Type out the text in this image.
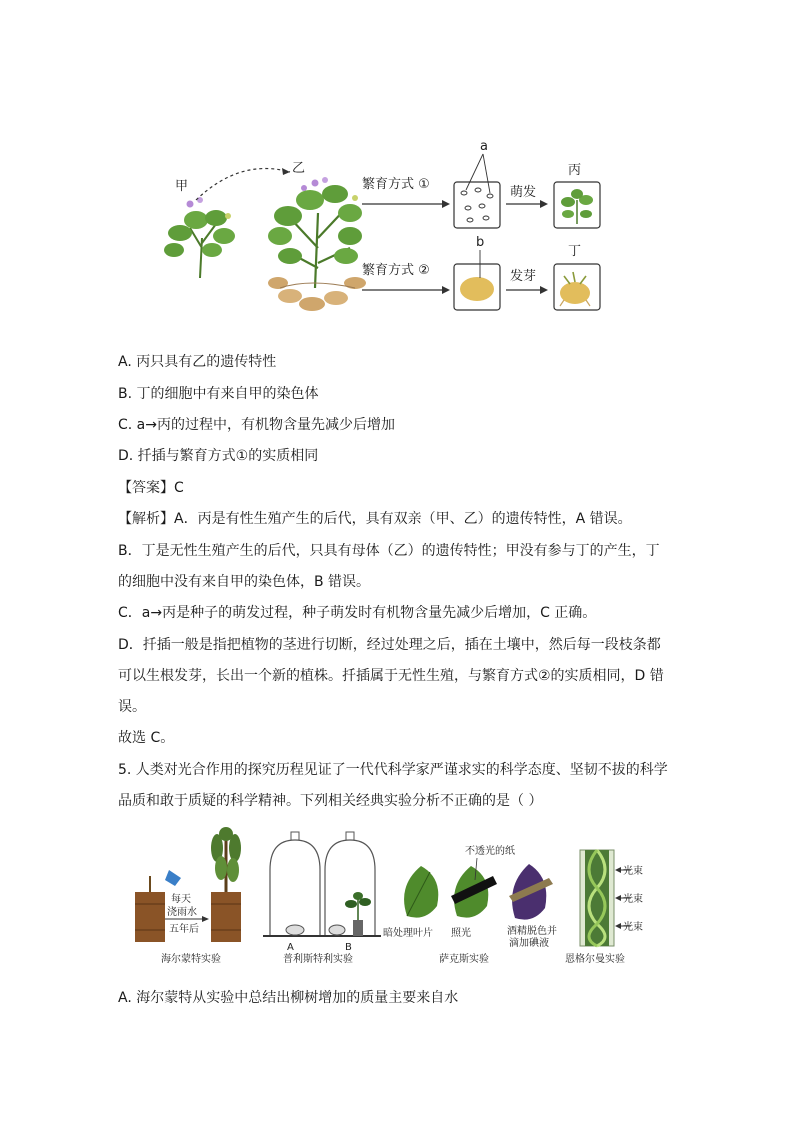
甲
乙
繁育方式 ①
a
萌发
丙
繁育方式 ②
b
发芽
丁
A. 丙只具有乙的遗传特性
B. 丁的细胞中有来自甲的染色体
C. a→丙的过程中，有机物含量先减少后增加
D. 扦插与繁育方式①的实质相同
【答案】C
【解析】A．丙是有性生殖产生的后代，具有双亲（甲、乙）的遗传特性，A 错误。
B．丁是无性生殖产生的后代，只具有母体（乙）的遗传特性；甲没有参与丁的产生，丁
的细胞中没有来自甲的染色体，B 错误。
C．a→丙是种子的萌发过程，种子萌发时有机物含量先减少后增加，C 正确。
D．扦插一般是指把植物的茎进行切断，经过处理之后，插在土壤中，然后每一段枝条都
可以生根发芽，长出一个新的植株。扦插属于无性生殖，与繁育方式②的实质相同，D 错
误。
故选 C。
5. 人类对光合作用的探究历程见证了一代代科学家严谨求实的科学态度、坚韧不拔的科学
品质和敢于质疑的科学精神。下列相关经典实验分析不正确的是（ ）
每天
浇雨水
五年后
海尔蒙特实验
A	B
普利斯特利实验
不透光的纸
暗处理叶片 照光	酒精脱色并
滴加碘液
萨克斯实验
光束
光束
光束
恩格尔曼实验
A. 海尔蒙特从实验中总结出柳树增加的质量主要来自水
